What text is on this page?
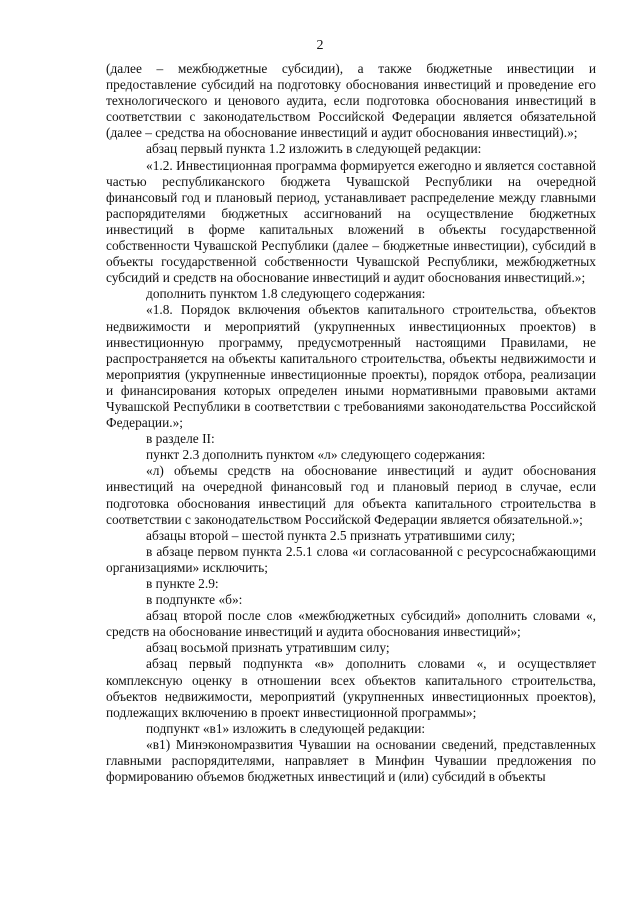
2

(далее – межбюджетные субсидии), а также бюджетные инвестиции и предоставление субсидий на подготовку обоснования инвестиций и проведение его технологического и ценового аудита, если подготовка обоснования инвестиций в соответствии с законодательством Российской Федерации является обязательной (далее – средства на обоснование инвестиций и аудит обоснования инвестиций).»;

абзац первый пункта 1.2 изложить в следующей редакции:

«1.2. Инвестиционная программа формируется ежегодно и является составной частью республиканского бюджета Чувашской Республики на очередной финансовый год и плановый период, устанавливает распределение между главными распорядителями бюджетных ассигнований на осуществление бюджетных инвестиций в форме капитальных вложений в объекты государственной собственности Чувашской Республики (далее – бюджетные инвестиции), субсидий в объекты государственной собственности Чувашской Республики, межбюджетных субсидий и средств на обоснование инвестиций и аудит обоснования инвестиций.»;

дополнить пунктом 1.8 следующего содержания:

«1.8. Порядок включения объектов капитального строительства, объектов недвижимости и мероприятий (укрупненных инвестиционных проектов) в инвестиционную программу, предусмотренный настоящими Правилами, не распространяется на объекты капитального строительства, объекты недвижимости и мероприятия (укрупненные инвестиционные проекты), порядок отбора, реализации и финансирования которых определен иными нормативными правовыми актами Чувашской Республики в соответствии с требованиями законодательства Российской Федерации.»;

в разделе II:

пункт 2.3 дополнить пунктом «л» следующего содержания:

«л) объемы средств на обоснование инвестиций и аудит обоснования инвестиций на очередной финансовый год и плановый период в случае, если подготовка обоснования инвестиций для объекта капитального строительства в соответствии с законодательством Российской Федерации является обязательной.»;

абзацы второй – шестой пункта 2.5 признать утратившими силу;

в абзаце первом пункта 2.5.1 слова «и согласованной с ресурсоснабжающими организациями» исключить;

в пункте 2.9:

в подпункте «б»:

абзац второй после слов «межбюджетных субсидий» дополнить словами «, средств на обоснование инвестиций и аудита обоснования инвестиций»;

абзац восьмой признать утратившим силу;

абзац первый подпункта «в» дополнить словами «, и осуществляет комплексную оценку в отношении всех объектов капитального строительства, объектов недвижимости, мероприятий (укрупненных инвестиционных проектов), подлежащих включению в проект инвестиционной программы»;

подпункт «в1» изложить в следующей редакции:

«в1) Минэкономразвития Чувашии на основании сведений, представленных главными распорядителями, направляет в Минфин Чувашии предложения по формированию объемов бюджетных инвестиций и (или) субсидий в объекты
